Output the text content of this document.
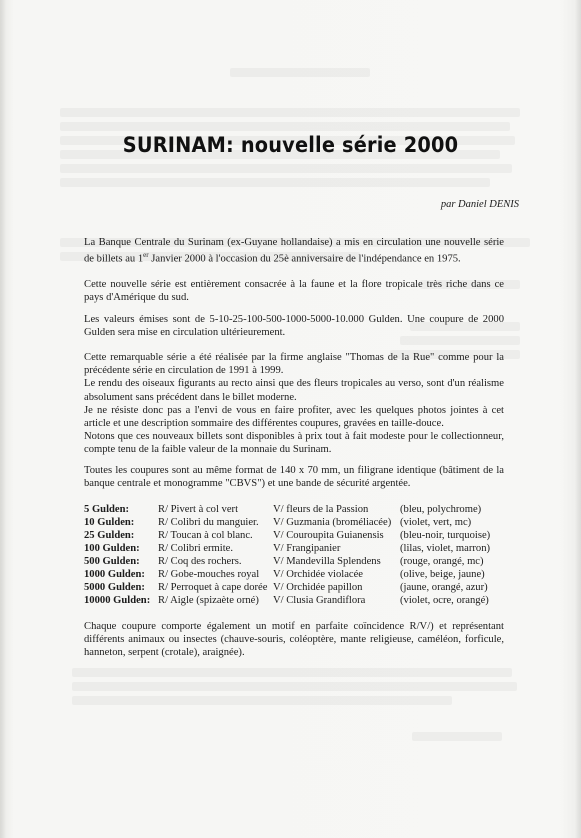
SURINAM: nouvelle série 2000
par Daniel DENIS

La Banque Centrale du Surinam (ex-Guyane hollandaise) a mis en circulation une nouvelle série de billets au 1er Janvier 2000 à l'occasion du 25è anniversaire de l'indépendance en 1975.

Cette nouvelle série est entièrement consacrée à la faune et la flore tropicale très riche dans ce pays d'Amérique du sud.

Les valeurs émises sont de 5-10-25-100-500-1000-5000-10.000 Gulden. Une coupure de 2000 Gulden sera mise en circulation ultérieurement.

Cette remarquable série a été réalisée par la firme anglaise "Thomas de la Rue" comme pour la précédente série en circulation de 1991 à 1999.

Le rendu des oiseaux figurants au recto ainsi que des fleurs tropicales au verso, sont d'un réalisme absolument sans précédent dans le billet moderne.

Je ne résiste donc pas a l'envi de vous en faire profiter, avec les quelques photos jointes à cet article et une description sommaire des différentes coupures, gravées en taille-douce.

Notons que ces nouveaux billets sont disponibles à prix tout à fait modeste pour le collectionneur, compte tenu de la faible valeur de la monnaie du Surinam.

Toutes les coupures sont au même format de 140 x 70 mm, un filigrane identique (bâtiment de la banque centrale et monogramme "CBVS") et une bande de sécurité argentée.

5 Gulden:	R/ Pivert à col vert	V/ fleurs de la Passion	(bleu, polychrome)
10 Gulden: R/ Colibri du manguier. V/ Guzmania (broméliacée) (violet, vert, mc)
25 Gulden: R/ Toucan à col blanc. V/ Couroupita Guianensis (bleu-noir, turquoise)
100 Gulden: R/ Colibri ermite.	V/ Frangipanier	(lilas, violet, marron)
500 Gulden: R/ Coq des rochers.	V/ Mandevilla Splendens (rouge, orangé, mc)
1000 Gulden: R/ Gobe-mouches royal V/ Orchidée violacée	(olive, beige, jaune)
5000 Gulden: R/ Perroquet à cape dorée V/ Orchidée papillon	(jaune, orangé, azur)
10000 Gulden: R/ Aigle (spizaète orné) V/ Clusia Grandiflora	(violet, ocre, orangé)

Chaque coupure comporte également un motif en parfaite coïncidence R/V/) et représentant différents animaux ou insectes (chauve-souris, coléoptère, mante religieuse, caméléon, forficule, hanneton, serpent (crotale), araignée).
